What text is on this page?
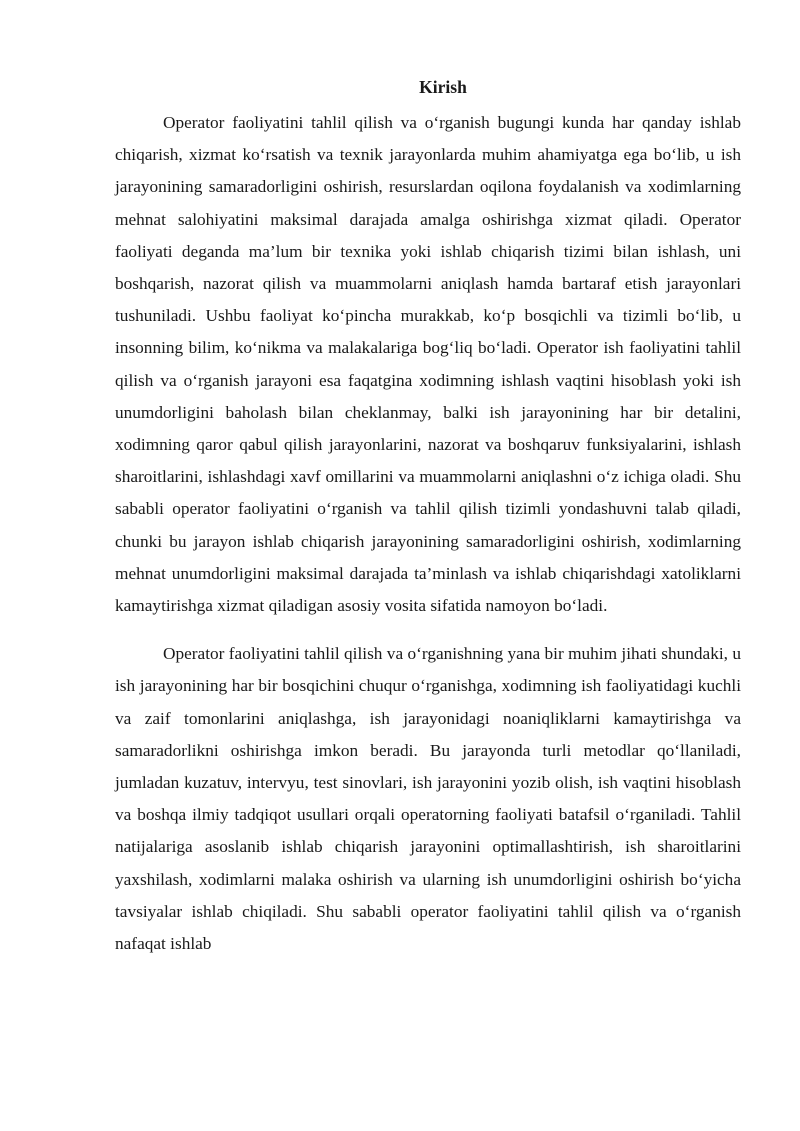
Kirish

Operator faoliyatini tahlil qilish va o‘rganish bugungi kunda har qanday ishlab chiqarish, xizmat ko‘rsatish va texnik jarayonlarda muhim ahamiyatga ega bo‘lib, u ish jarayonining samaradorligini oshirish, resurslardan oqilona foydalanish va xodimlarning mehnat salohiyatini maksimal darajada amalga oshirishga xizmat qiladi. Operator faoliyati deganda ma’lum bir texnika yoki ishlab chiqarish tizimi bilan ishlash, uni boshqarish, nazorat qilish va muammolarni aniqlash hamda bartaraf etish jarayonlari tushuniladi. Ushbu faoliyat ko‘pincha murakkab, ko‘p bosqichli va tizimli bo‘lib, u insonning bilim, ko‘nikma va malakalariga bog‘liq bo‘ladi. Operator ish faoliyatini tahlil qilish va o‘rganish jarayoni esa faqatgina xodimning ishlash vaqtini hisoblash yoki ish unumdorligini baholash bilan cheklanmay, balki ish jarayonining har bir detalini, xodimning qaror qabul qilish jarayonlarini, nazorat va boshqaruv funksiyalarini, ishlash sharoitlarini, ishlashdagi xavf omillarini va muammolarni aniqlashni o‘z ichiga oladi. Shu sababli operator faoliyatini o‘rganish va tahlil qilish tizimli yondashuvni talab qiladi, chunki bu jarayon ishlab chiqarish jarayonining samaradorligini oshirish, xodimlarning mehnat unumdorligini maksimal darajada ta’minlash va ishlab chiqarishdagi xatoliklarni kamaytirishga xizmat qiladigan asosiy vosita sifatida namoyon bo‘ladi.

Operator faoliyatini tahlil qilish va o‘rganishning yana bir muhim jihati shundaki, u ish jarayonining har bir bosqichini chuqur o‘rganishga, xodimning ish faoliyatidagi kuchli va zaif tomonlarini aniqlashga, ish jarayonidagi noaniqliklarni kamaytirishga va samaradorlikni oshirishga imkon beradi. Bu jarayonda turli metodlar qo‘llaniladi, jumladan kuzatuv, intervyu, test sinovlari, ish jarayonini yozib olish, ish vaqtini hisoblash va boshqa ilmiy tadqiqot usullari orqali operatorning faoliyati batafsil o‘rganiladi. Tahlil natijalariga asoslanib ishlab chiqarish jarayonini optimallashtirish, ish sharoitlarini yaxshilash, xodimlarni malaka oshirish va ularning ish unumdorligini oshirish bo‘yicha tavsiyalar ishlab chiqiladi. Shu sababli operator faoliyatini tahlil qilish va o‘rganish nafaqat ishlab
